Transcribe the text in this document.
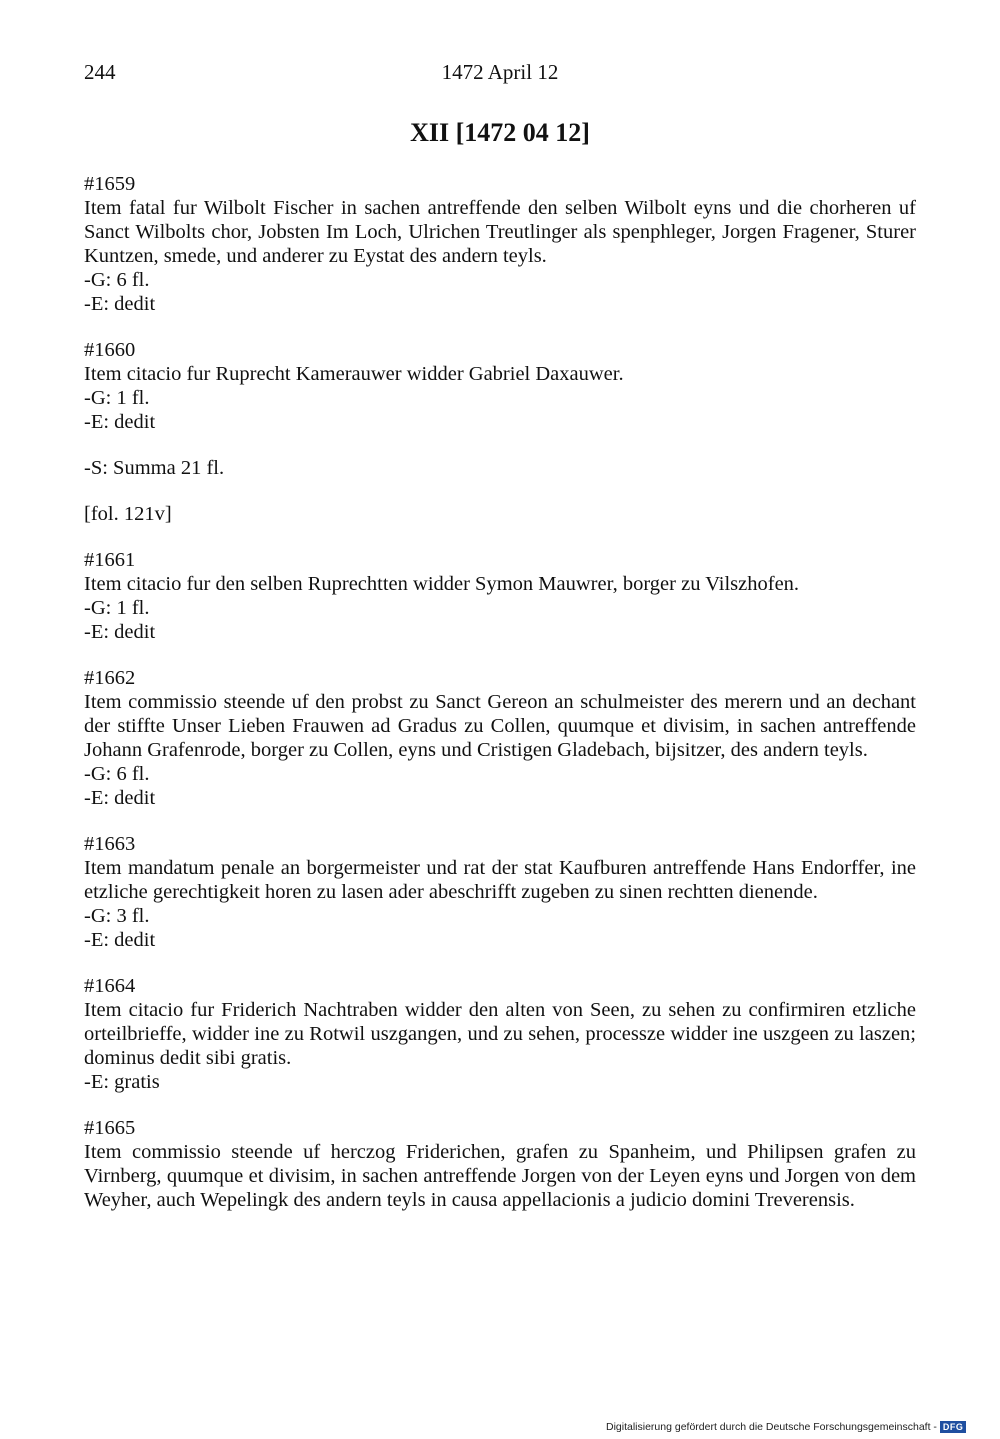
244	1472 April 12
XII [1472 04 12]
#1659
Item fatal fur Wilbolt Fischer in sachen antreffende den selben Wilbolt eyns und die chorheren uf Sanct Wilbolts chor, Jobsten Im Loch, Ulrichen Treutlinger als spenphleger, Jorgen Fragener, Sturer Kuntzen, smede, und anderer zu Eystat des andern teyls.
-G: 6 fl.
-E: dedit
#1660
Item citacio fur Ruprecht Kamerauwer widder Gabriel Daxauwer.
-G: 1 fl.
-E: dedit
-S: Summa 21 fl.
[fol. 121v]
#1661
Item citacio fur den selben Ruprechtten widder Symon Mauwrer, borger zu Vilszhofen.
-G: 1 fl.
-E: dedit
#1662
Item commissio steende uf den probst zu Sanct Gereon an schulmeister des merern und an dechant der stiffte Unser Lieben Frauwen ad Gradus zu Collen, quumque et divisim, in sachen antreffende Johann Grafenrode, borger zu Collen, eyns und Cristigen Gladebach, bijsitzer, des andern teyls.
-G: 6 fl.
-E: dedit
#1663
Item mandatum penale an borgermeister und rat der stat Kaufburen antreffende Hans Endorffer, ine etzliche gerechtigkeit horen zu lasen ader abeschrifft zugeben zu sinen rechtten dienende.
-G: 3 fl.
-E: dedit
#1664
Item citacio fur Friderich Nachtraben widder den alten von Seen, zu sehen zu confirmiren etzliche orteilbrieffe, widder ine zu Rotwil uszgangen, und zu sehen, processze widder ine uszgeen zu laszen; dominus dedit sibi gratis.
-E: gratis
#1665
Item commissio steende uf herczog Friderichen, grafen zu Spanheim, und Philipsen grafen zu Virnberg, quumque et divisim, in sachen antreffende Jorgen von der Leyen eyns und Jorgen von dem Weyher, auch Wepelingk des andern teyls in causa appellacionis a judicio domini Treverensis.
Digitalisierung gefördert durch die Deutsche Forschungsgemeinschaft - DFG
